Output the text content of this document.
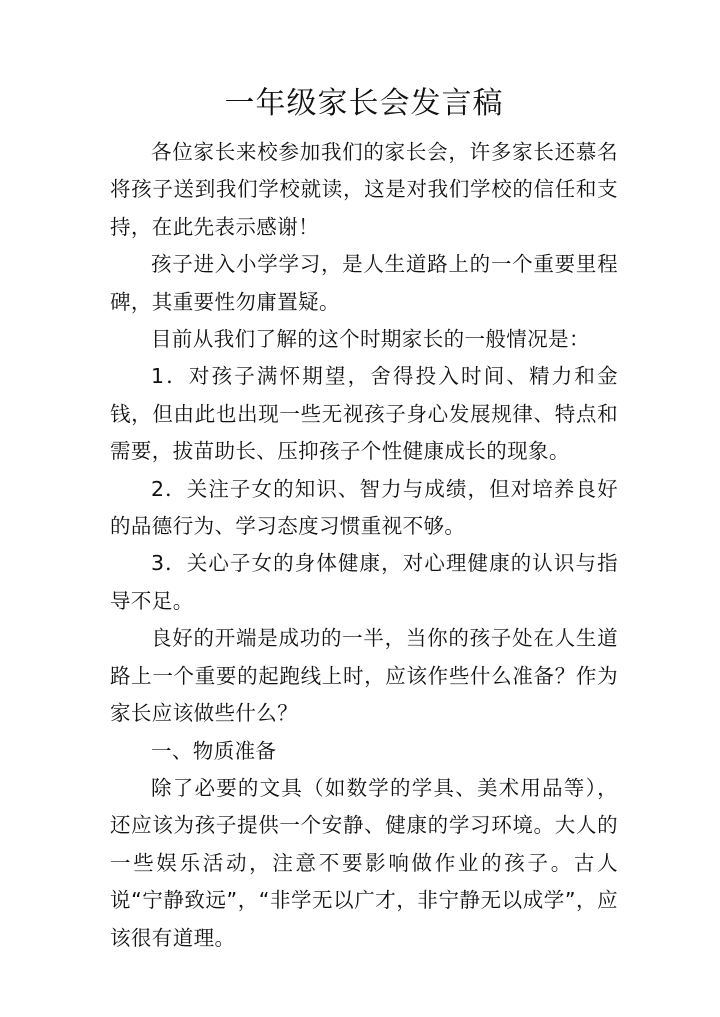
一年级家长会发言稿

各位家长来校参加我们的家长会，许多家长还慕名将孩子送到我们学校就读，这是对我们学校的信任和支持，在此先表示感谢！

孩子进入小学学习，是人生道路上的一个重要里程碑，其重要性勿庸置疑。

目前从我们了解的这个时期家长的一般情况是：

1．对孩子满怀期望，舍得投入时间、精力和金钱，但由此也出现一些无视孩子身心发展规律、特点和需要，拔苗助长、压抑孩子个性健康成长的现象。

2．关注子女的知识、智力与成绩，但对培养良好的品德行为、学习态度习惯重视不够。

3．关心子女的身体健康，对心理健康的认识与指导不足。

良好的开端是成功的一半，当你的孩子处在人生道路上一个重要的起跑线上时，应该作些什么准备？作为家长应该做些什么？

一、物质准备

除了必要的文具（如数学的学具、美术用品等），还应该为孩子提供一个安静、健康的学习环境。大人的一些娱乐活动，注意不要影响做作业的孩子。古人说“宁静致远”，“非学无以广才，非宁静无以成学”，应该很有道理。
